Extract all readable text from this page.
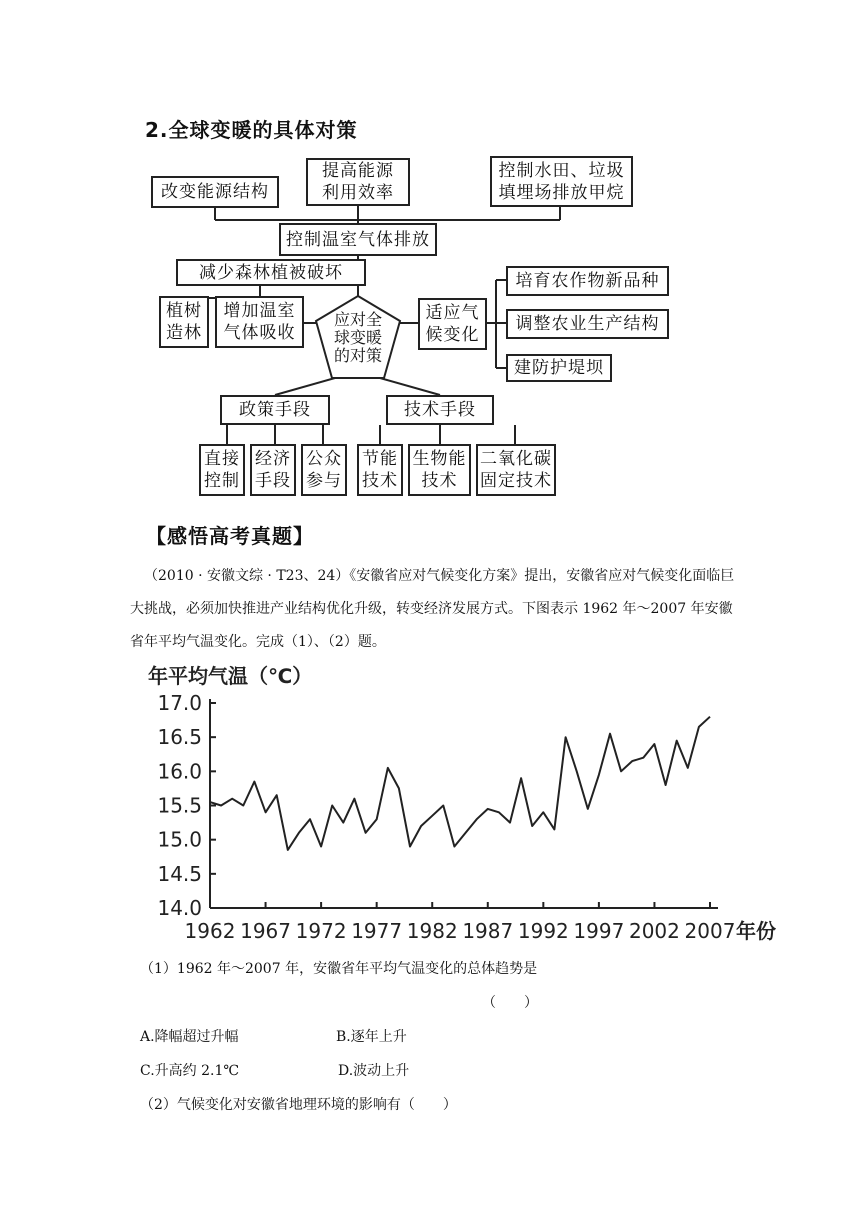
2.全球变暖的具体对策
应对全
球变暖
的对策
改变能源结构
提高能源
利用效率
控制水田、垃圾
填埋场排放甲烷
控制温室气体排放
减少森林植被破坏
植树
造林
增加温室
气体吸收
适应气
候变化
培育农作物新品种
调整农业生产结构
建防护堤坝
政策手段	技术手段
直接
控制
经济
手段
公众
参与
节能
技术
生物能
技术
二氧化碳
固定技术
【感悟高考真题】
（2010 · 安徽文综 · T23、24）《安徽省应对气候变化方案》提出，安徽省应对气候变化面临巨大挑战，必须加快推进产业结构优化升级，转变经济发展方式。下图表示 1962 年～2007 年安徽省年平均气温变化。完成（1）、（2）题。
年平均气温（℃）
14.0
14.5
15.0
15.5
16.0
16.5
17.0
1962 1967 1972 1977 1982 1987 1992 1997 2002 2007 年份
（1）1962 年～2007 年，安徽省年平均气温变化的总体趋势是
（　　）
A.降幅超过升幅	B.逐年上升
C.升高约 2.1℃	D.波动上升
（2）气候变化对安徽省地理环境的影响有（　　）
